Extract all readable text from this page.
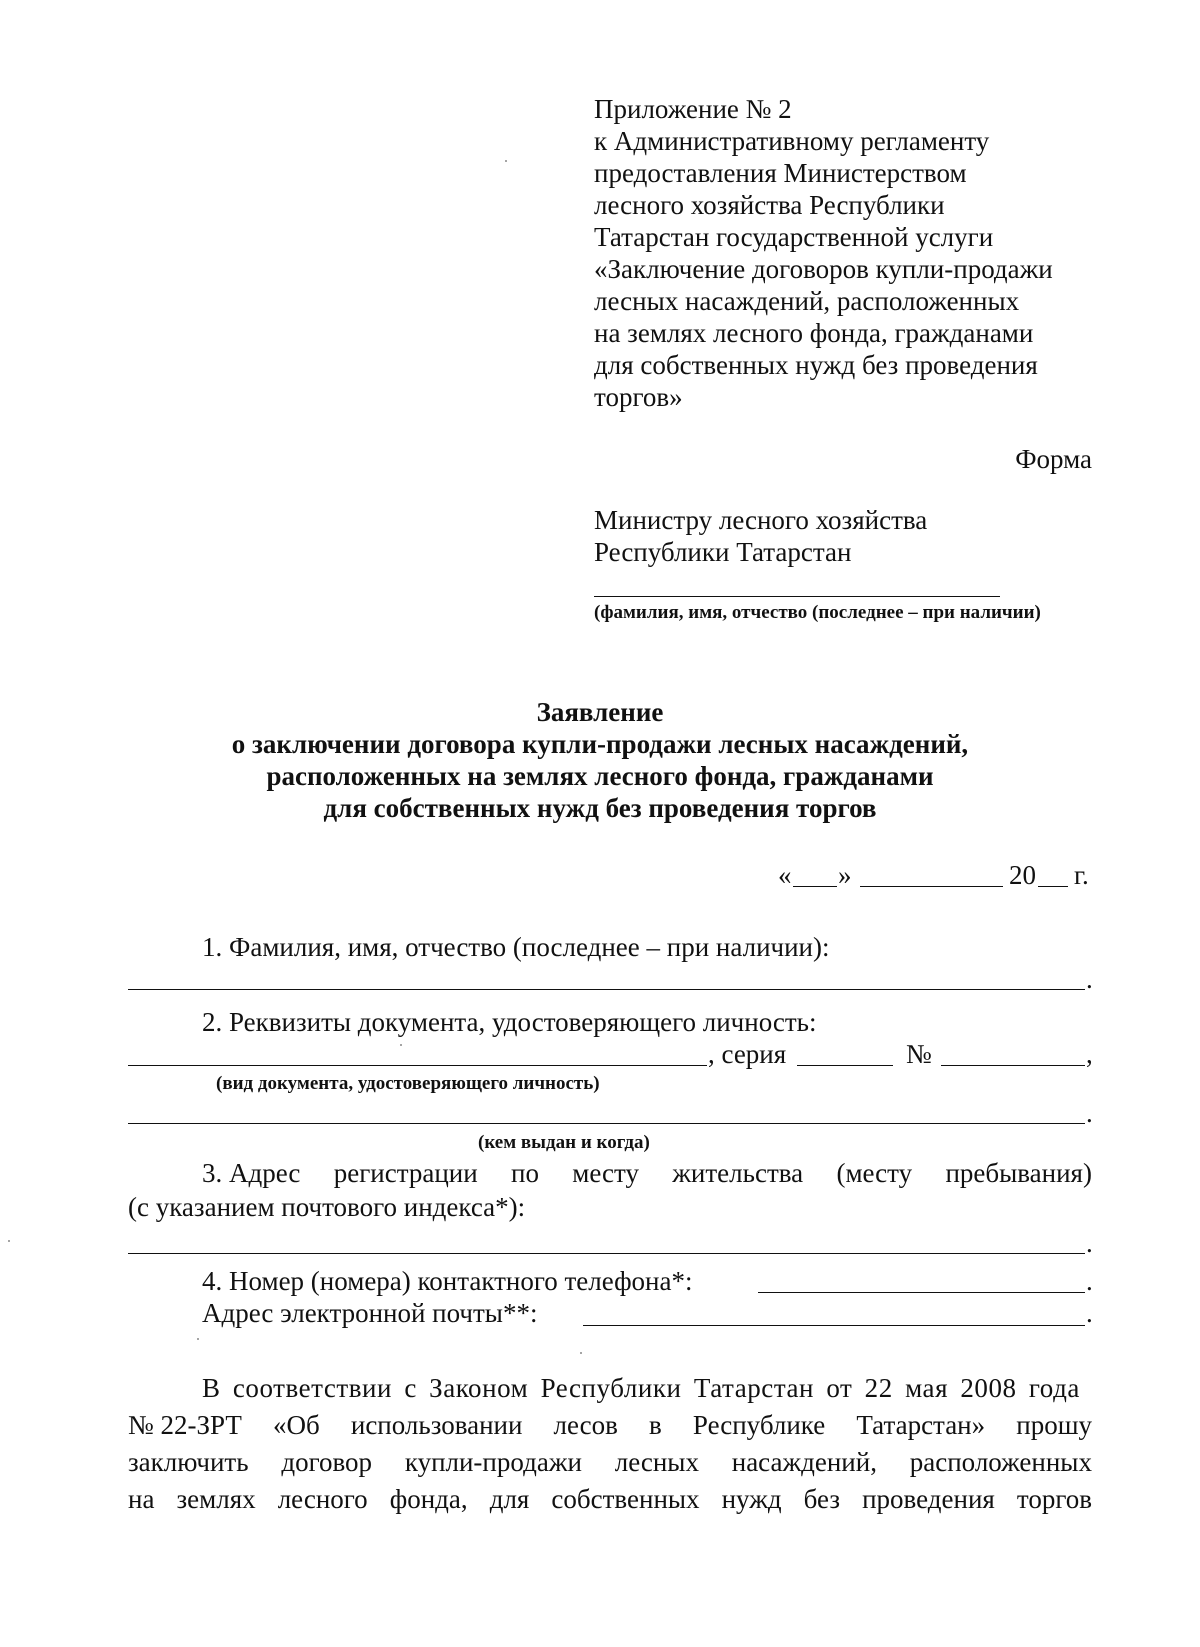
Приложение № 2
к Административному регламенту
предоставления Министерством
лесного хозяйства Республики
Татарстан государственной услуги
«Заключение договоров купли-продажи
лесных насаждений, расположенных
на землях лесного фонда, гражданами
для собственных нужд без проведения
торгов»
Форма
Министру лесного хозяйства
Республики Татарстан
(фамилия, имя, отчество (последнее – при наличии)
Заявление
о заключении договора купли-продажи лесных насаждений,
расположенных на землях лесного фонда, гражданами
для собственных нужд без проведения торгов
« »	20 г.
1. Фамилия, имя, отчество (последнее – при наличии):
.
2. Реквизиты документа, удостоверяющего личность:
, серия	№	,
(вид документа, удостоверяющего личность)
.
(кем выдан и когда)
3. Адрес регистрации по месту жительства (месту пребывания)
(с указанием почтового индекса*):
.
4. Номер (номера) контактного телефона*:	.
Адрес электронной почты**:	.
В соответствии с Законом Республики Татарстан от 22 мая 2008 года
№ 22-ЗРТ «Об использовании лесов в Республике Татарстан» прошу
заключить договор купли-продажи лесных насаждений, расположенных
на землях лесного фонда, для собственных нужд без проведения торгов
